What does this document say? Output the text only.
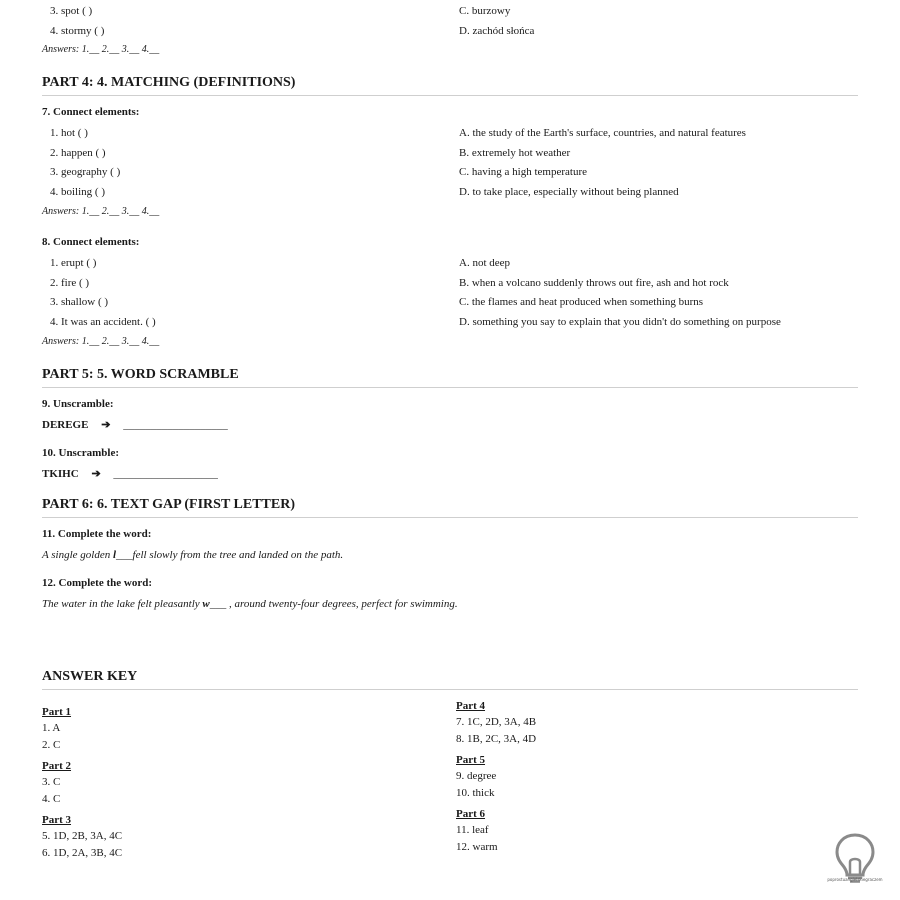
3. spot ( )	C. burzowy
4. stormy ( )	D. zachód słońca
Answers: 1.__ 2.__ 3.__ 4.__
PART 4: 4. MATCHING (DEFINITIONS)
7. Connect elements:
1. hot ( )	A. the study of the Earth's surface, countries, and natural features
2. happen ( )	B. extremely hot weather
3. geography ( )	C. having a high temperature
4. boiling ( )	D. to take place, especially without being planned
Answers: 1.__ 2.__ 3.__ 4.__
8. Connect elements:
1. erupt ( )	A. not deep
2. fire ( )	B. when a volcano suddenly throws out fire, ash and hot rock
3. shallow ( )	C. the flames and heat produced when something burns
4. It was an accident. ( )	D. something you say to explain that you didn't do something on purpose
Answers: 1.__ 2.__ 3.__ 4.__
PART 5: 5. WORD SCRAMBLE
9. Unscramble:
DEREGE ➔ ___________________
10. Unscramble:
TKIHC ➔ ___________________
PART 6: 6. TEXT GAP (FIRST LETTER)
11. Complete the word:
A single golden l___fell slowly from the tree and landed on the path.
12. Complete the word:
The water in the lake felt pleasantly w___ , around twenty-four degrees, perfect for swimming.
ANSWER KEY
Part 1
1. A
2. C
Part 2
3. C
4. C
Part 3
5. 1D, 2B, 3A, 4C
6. 1D, 2A, 3B, 4C
Part 4
7. 1C, 2D, 3A, 4B
8. 1B, 2C, 3A, 4D
Part 5
9. degree
10. thick
Part 6
11. leaf
12. warm
poprostuangielskiegraczem
